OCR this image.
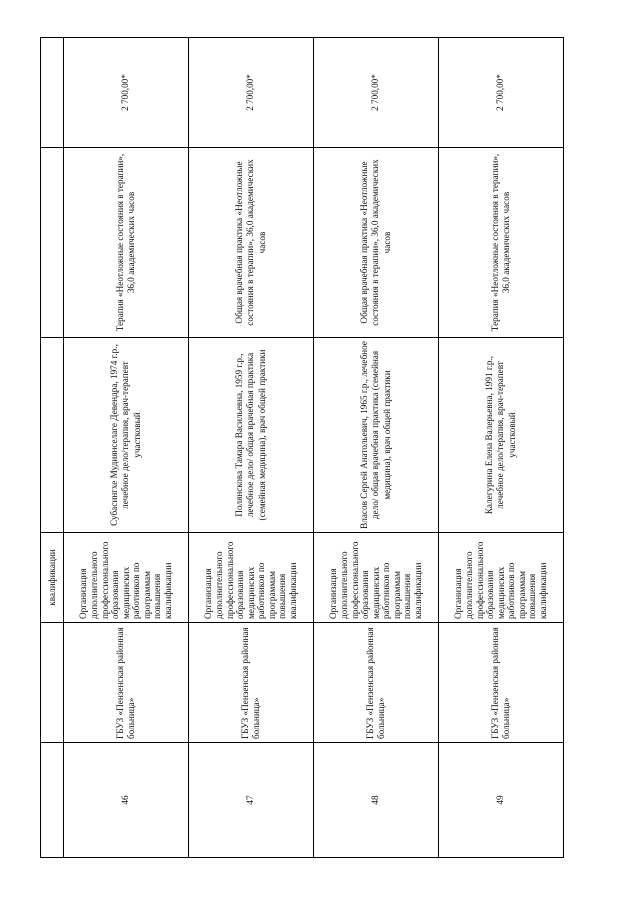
		квалификации			
46	ГБУЗ «Пензенская районная больница»	Организация дополнительного профессионального образования медицинских работников по программам повышения квалификации	Субасингхе Мудиянселаге Девендра, 1974 г.р., лечебное дело/терапия, врач-терапевт участковый	Терапия «Неотложные состояния в терапии», 36,0 академических часов	2 700,00*
47	ГБУЗ «Пензенская районная больница»	Организация дополнительного профессионального образования медицинских работников по программам повышения квалификации	Полянскова Тамара Васильевна, 1959 г.р., лечебное дело/ общая врачебная практика (семейная медицина), врач общей практики	Общая врачебная практика «Неотложные состояния в терапии», 36,0 академических часов	2 700,00*
48	ГБУЗ «Пензенская районная больница»	Организация дополнительного профессионального образования медицинских работников по программам повышения квалификации	Власов Сергей Анатольевич, 1965 г.р., лечебное дело/ общая врачебная практика (семейная медицина), врач общей практики	Общая врачебная практика «Неотложные состояния в терапии», 36,0 академических часов	2 700,00*
49	ГБУЗ «Пензенская районная больница»	Организация дополнительного профессионального образования медицинских работников по программам повышения квалификации	Калегурина Елена Валерьевна, 1991 г.р., лечебное дело/терапия, врач-терапевт участковый	Терапия «Неотложные состояния в терапии», 36,0 академических часов	2 700,00*
